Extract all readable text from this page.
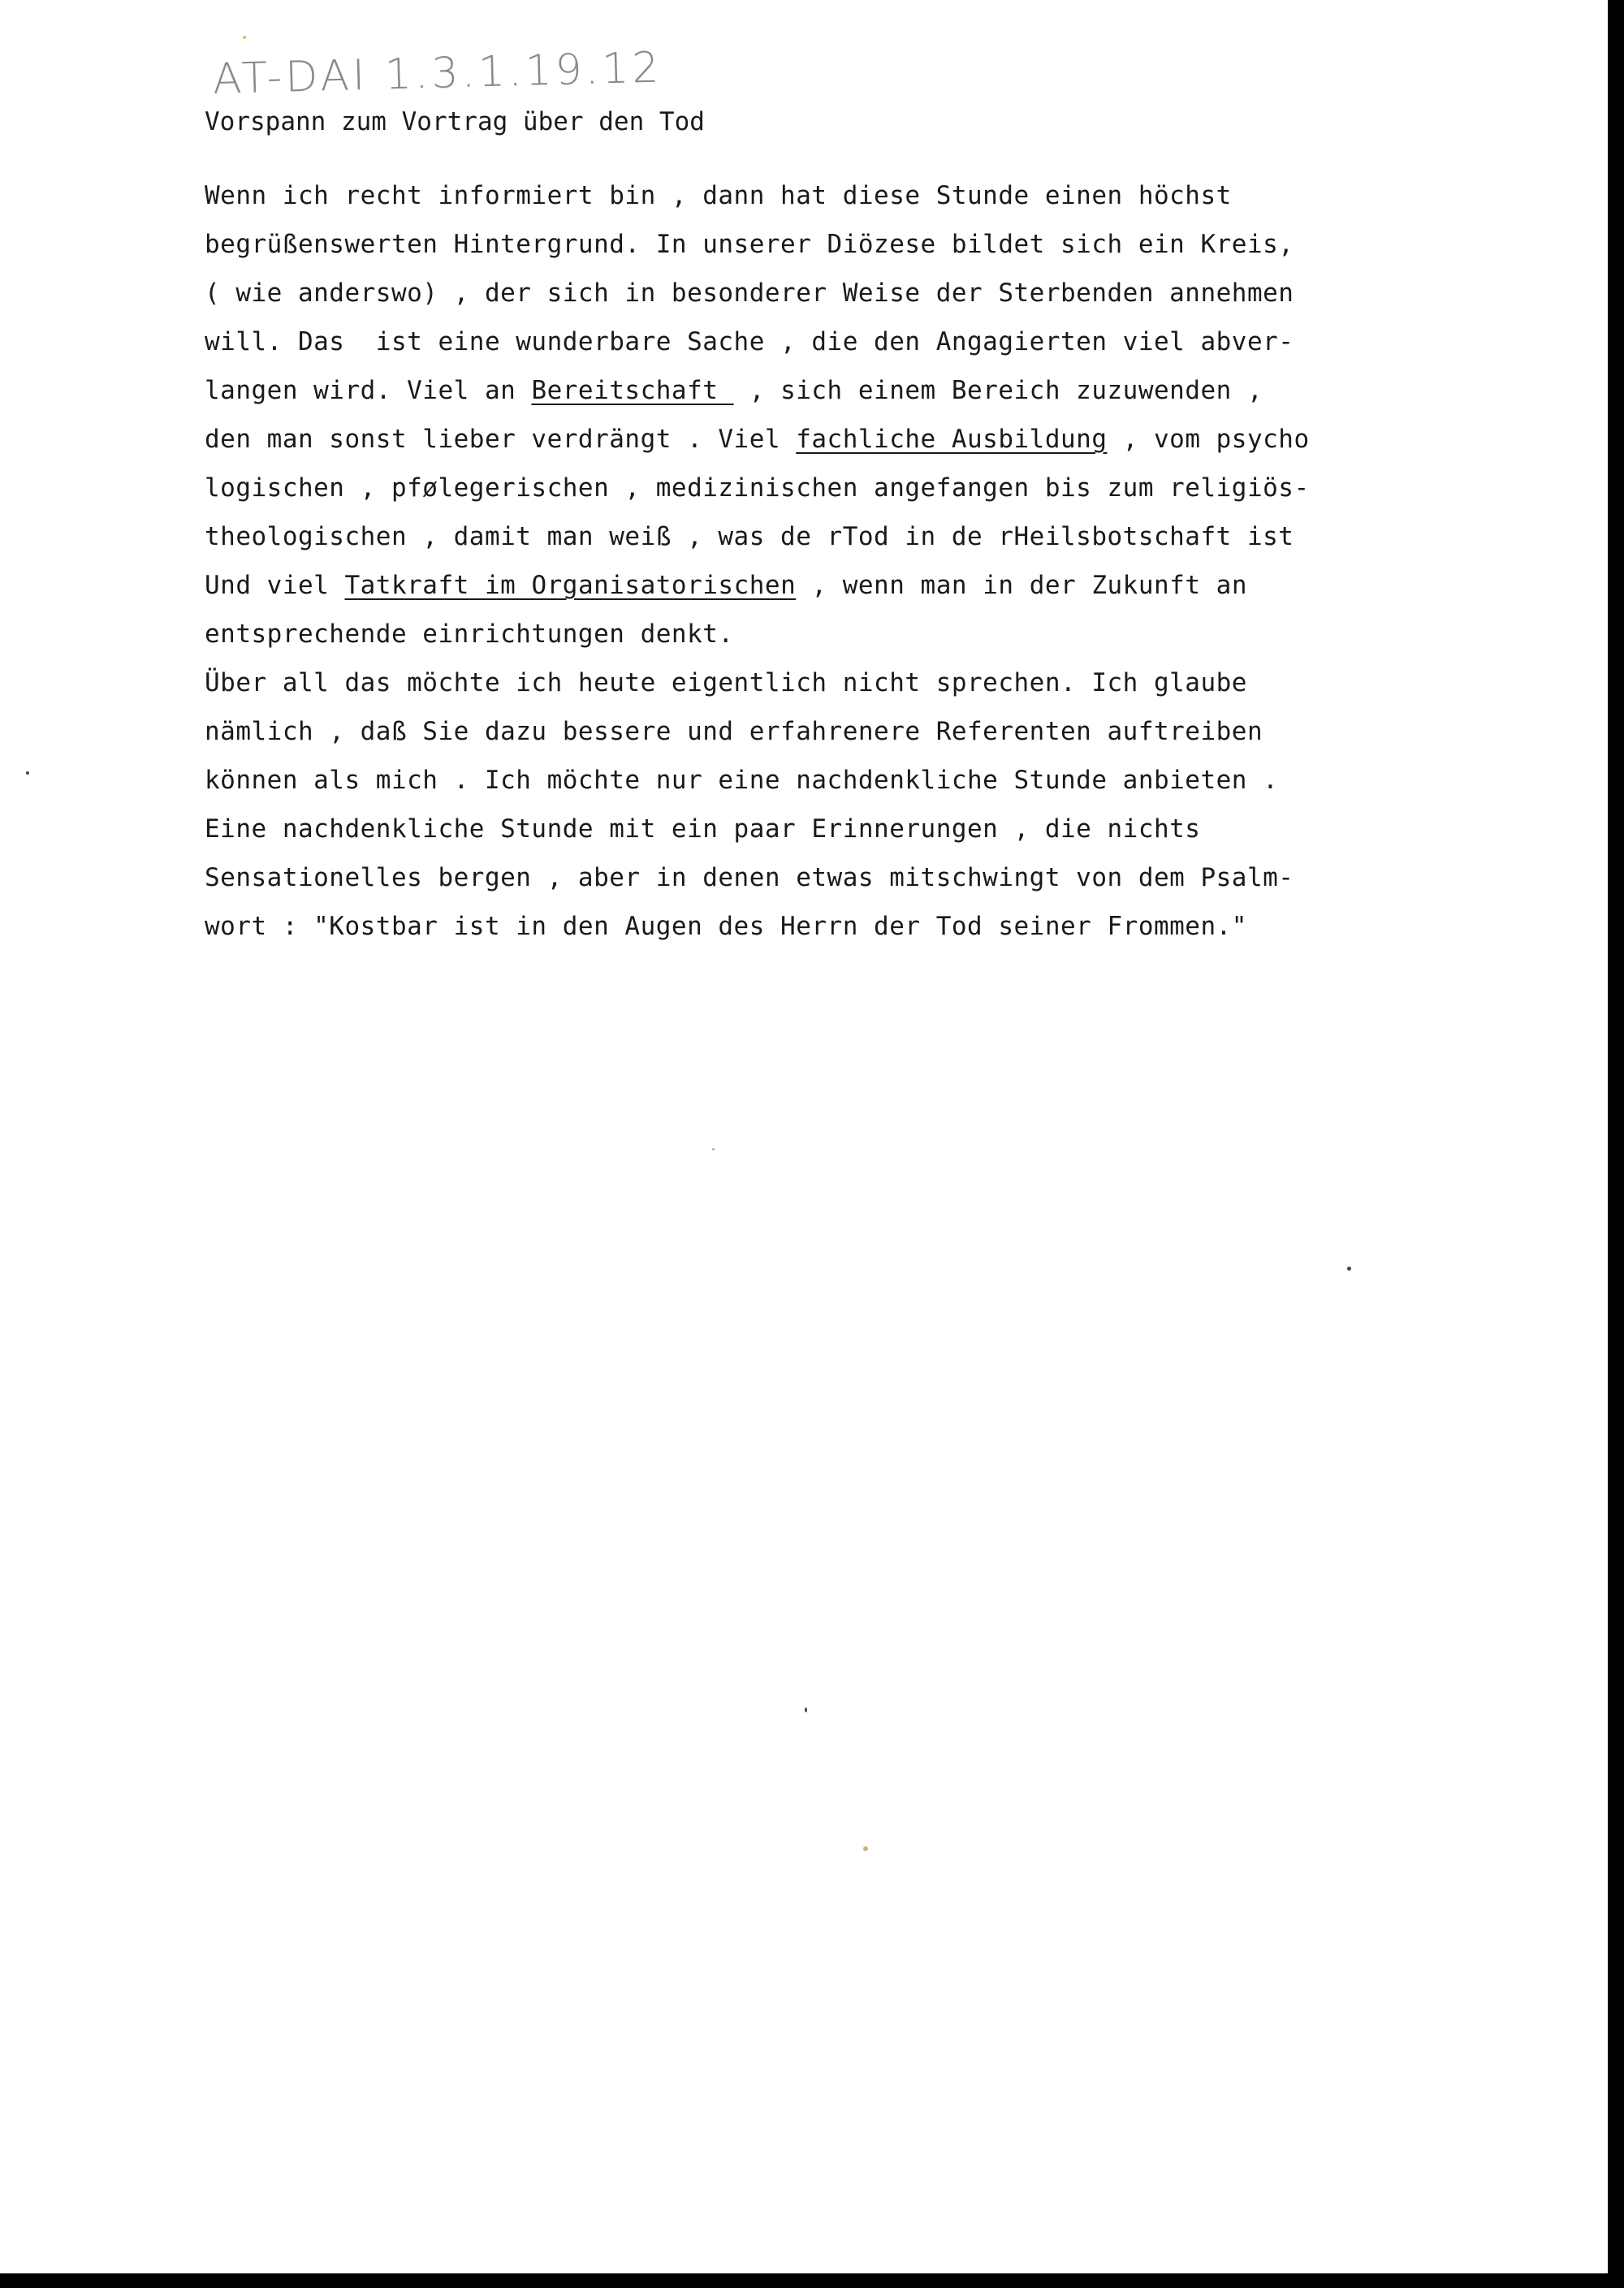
AT-DAI 1.3.1.19.12
Vorspann zum Vortrag über den Tod
Wenn ich recht informiert bin , dann hat diese Stunde einen höchst
begrüßenswerten Hintergrund. In unserer Diözese bildet sich ein Kreis,
( wie anderswo) , der sich in besonderer Weise der Sterbenden annehmen
will. Das  ist eine wunderbare Sache , die den Angagierten viel abver-
langen wird. Viel an Bereitschaft  , sich einem Bereich zuzuwenden ,
den man sonst lieber verdrängt . Viel fachliche Ausbildung , vom psycho
logischen , pfølegerischen , medizinischen angefangen bis zum religiös-
theologischen , damit man weiß , was de rTod in de rHeilsbotschaft ist
Und viel Tatkraft im Organisatorischen , wenn man in der Zukunft an
entsprechende einrichtungen denkt.
Über all das möchte ich heute eigentlich nicht sprechen. Ich glaube
nämlich , daß Sie dazu bessere und erfahrenere Referenten auftreiben
können als mich . Ich möchte nur eine nachdenkliche Stunde anbieten .
Eine nachdenkliche Stunde mit ein paar Erinnerungen , die nichts
Sensationelles bergen , aber in denen etwas mitschwingt von dem Psalm-
wort : "Kostbar ist in den Augen des Herrn der Tod seiner Frommen."
